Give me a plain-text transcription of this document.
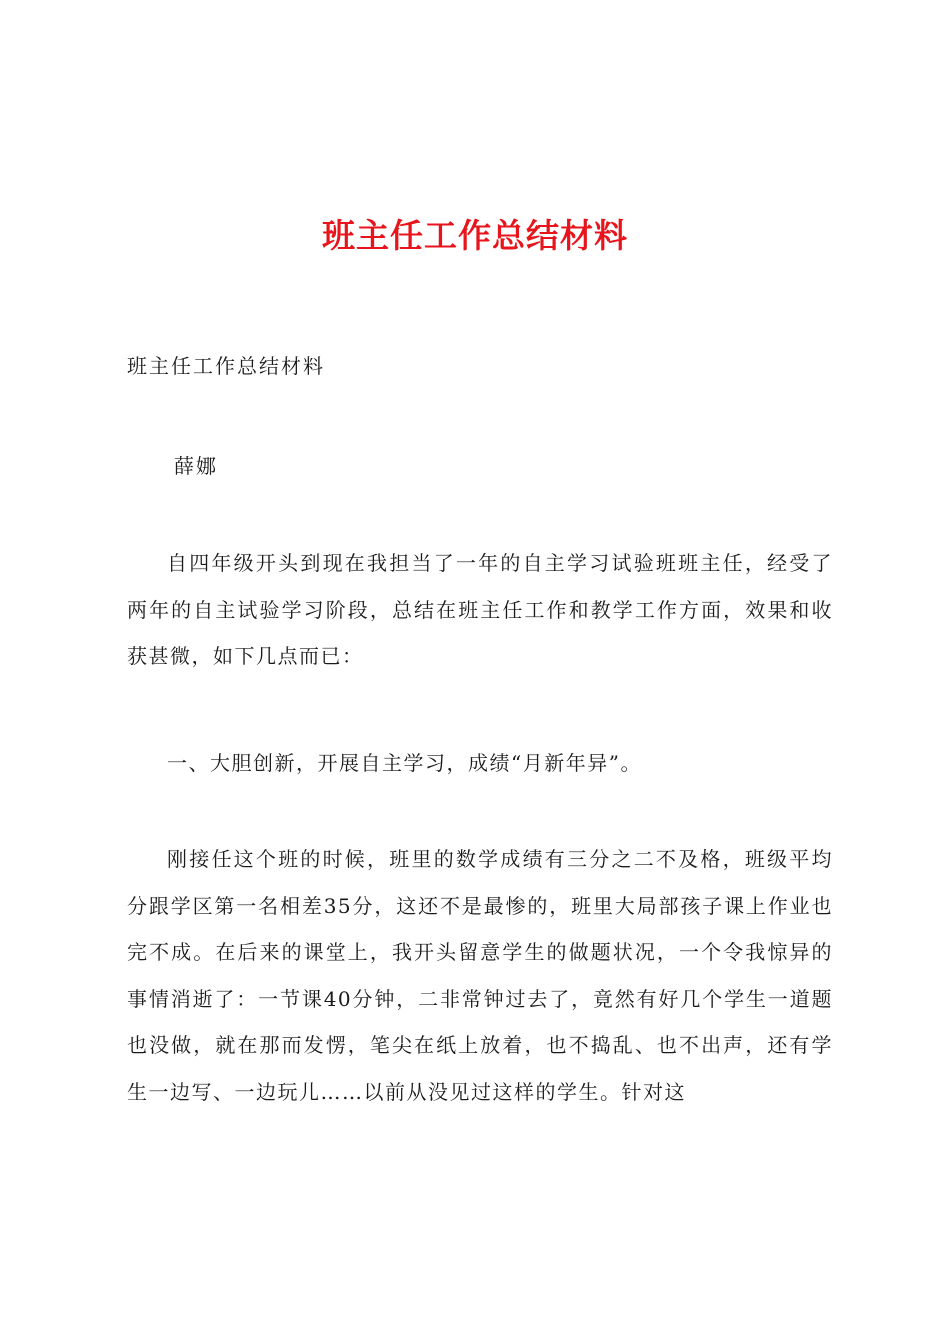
班主任工作总结材料

班主任工作总结材料

薛娜

自四年级开头到现在我担当了一年的自主学习试验班班主任，经受了两年的自主试验学习阶段，总结在班主任工作和教学工作方面，效果和收获甚微，如下几点而已：

一、大胆创新，开展自主学习，成绩“月新年异”。

刚接任这个班的时候，班里的数学成绩有三分之二不及格，班级平均分跟学区第一名相差35分，这还不是最惨的，班里大局部孩子课上作业也完不成。在后来的课堂上，我开头留意学生的做题状况，一个令我惊异的事情消逝了：一节课40分钟，二非常钟过去了，竟然有好几个学生一道题也没做，就在那而发愣，笔尖在纸上放着，也不捣乱、也不出声，还有学生一边写、一边玩儿……以前从没见过这样的学生。针对这
